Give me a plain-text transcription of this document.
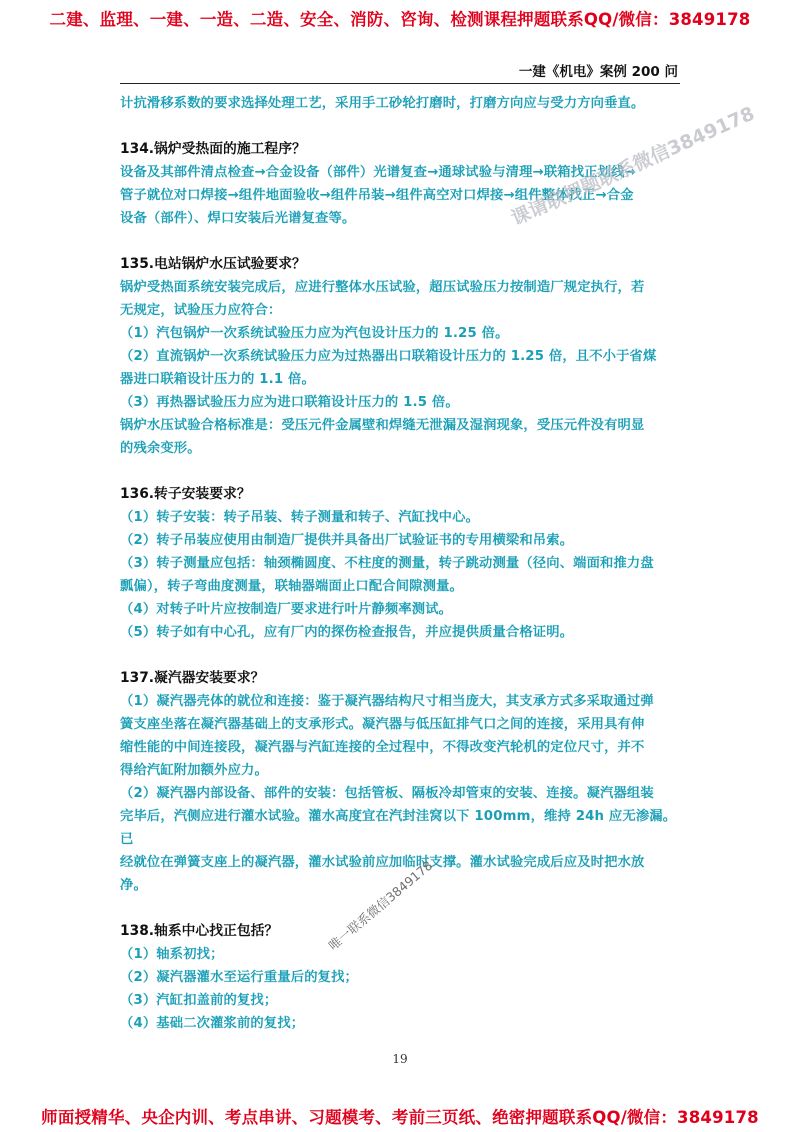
二建、监理、一建、一造、二造、安全、消防、咨询、检测课程押题联系QQ/微信：3849178
一建《机电》案例 200 问

计抗滑移系数的要求选择处理工艺，采用手工砂轮打磨时，打磨方向应与受力方向垂直。

134.锅炉受热面的施工程序？

设备及其部件清点检查→合金设备（部件）光谱复查→通球试验与清理→联箱找正划线→

管子就位对口焊接→组件地面验收→组件吊装→组件高空对口焊接→组件整体找正→合金

设备（部件）、焊口安装后光谱复查等。

135.电站锅炉水压试验要求？

锅炉受热面系统安装完成后，应进行整体水压试验，超压试验压力按制造厂规定执行，若

无规定，试验压力应符合：

（1）汽包锅炉一次系统试验压力应为汽包设计压力的 1.25 倍。

（2）直流锅炉一次系统试验压力应为过热器出口联箱设计压力的 1.25 倍，且不小于省煤

器进口联箱设计压力的 1.1 倍。

（3）再热器试验压力应为进口联箱设计压力的 1.5 倍。

锅炉水压试验合格标准是：受压元件金属壁和焊缝无泄漏及湿润现象，受压元件没有明显

的残余变形。

136.转子安装要求？

（1）转子安装：转子吊装、转子测量和转子、汽缸找中心。

（2）转子吊装应使用由制造厂提供并具备出厂试验证书的专用横梁和吊索。

（3）转子测量应包括：轴颈椭圆度、不柱度的测量，转子跳动测量（径向、端面和推力盘

瓢偏），转子弯曲度测量，联轴器端面止口配合间隙测量。

（4）对转子叶片应按制造厂要求进行叶片静频率测试。

（5）转子如有中心孔，应有厂内的探伤检查报告，并应提供质量合格证明。

137.凝汽器安装要求？

（1）凝汽器壳体的就位和连接：鉴于凝汽器结构尺寸相当庞大，其支承方式多采取通过弹

簧支座坐落在凝汽器基础上的支承形式。凝汽器与低压缸排气口之间的连接，采用具有伸

缩性能的中间连接段，凝汽器与汽缸连接的全过程中，不得改变汽轮机的定位尺寸，并不

得给汽缸附加额外应力。

（2）凝汽器内部设备、部件的安装：包括管板、隔板冷却管束的安装、连接。凝汽器组装

完毕后，汽侧应进行灌水试验。灌水高度宜在汽封洼窝以下 100mm，维持 24h 应无渗漏。已

经就位在弹簧支座上的凝汽器，灌水试验前应加临时支撑。灌水试验完成后应及时把水放

净。

138.轴系中心找正包括？

（1）轴系初找；

（2）凝汽器灌水至运行重量后的复找；

（3）汽缸扣盖前的复找；

（4）基础二次灌浆前的复找；

19
课请联押题联系微信3849178
唯一联系微信3849178
师面授精华、央企内训、考点串讲、习题模考、考前三页纸、绝密押题联系QQ/微信：3849178
